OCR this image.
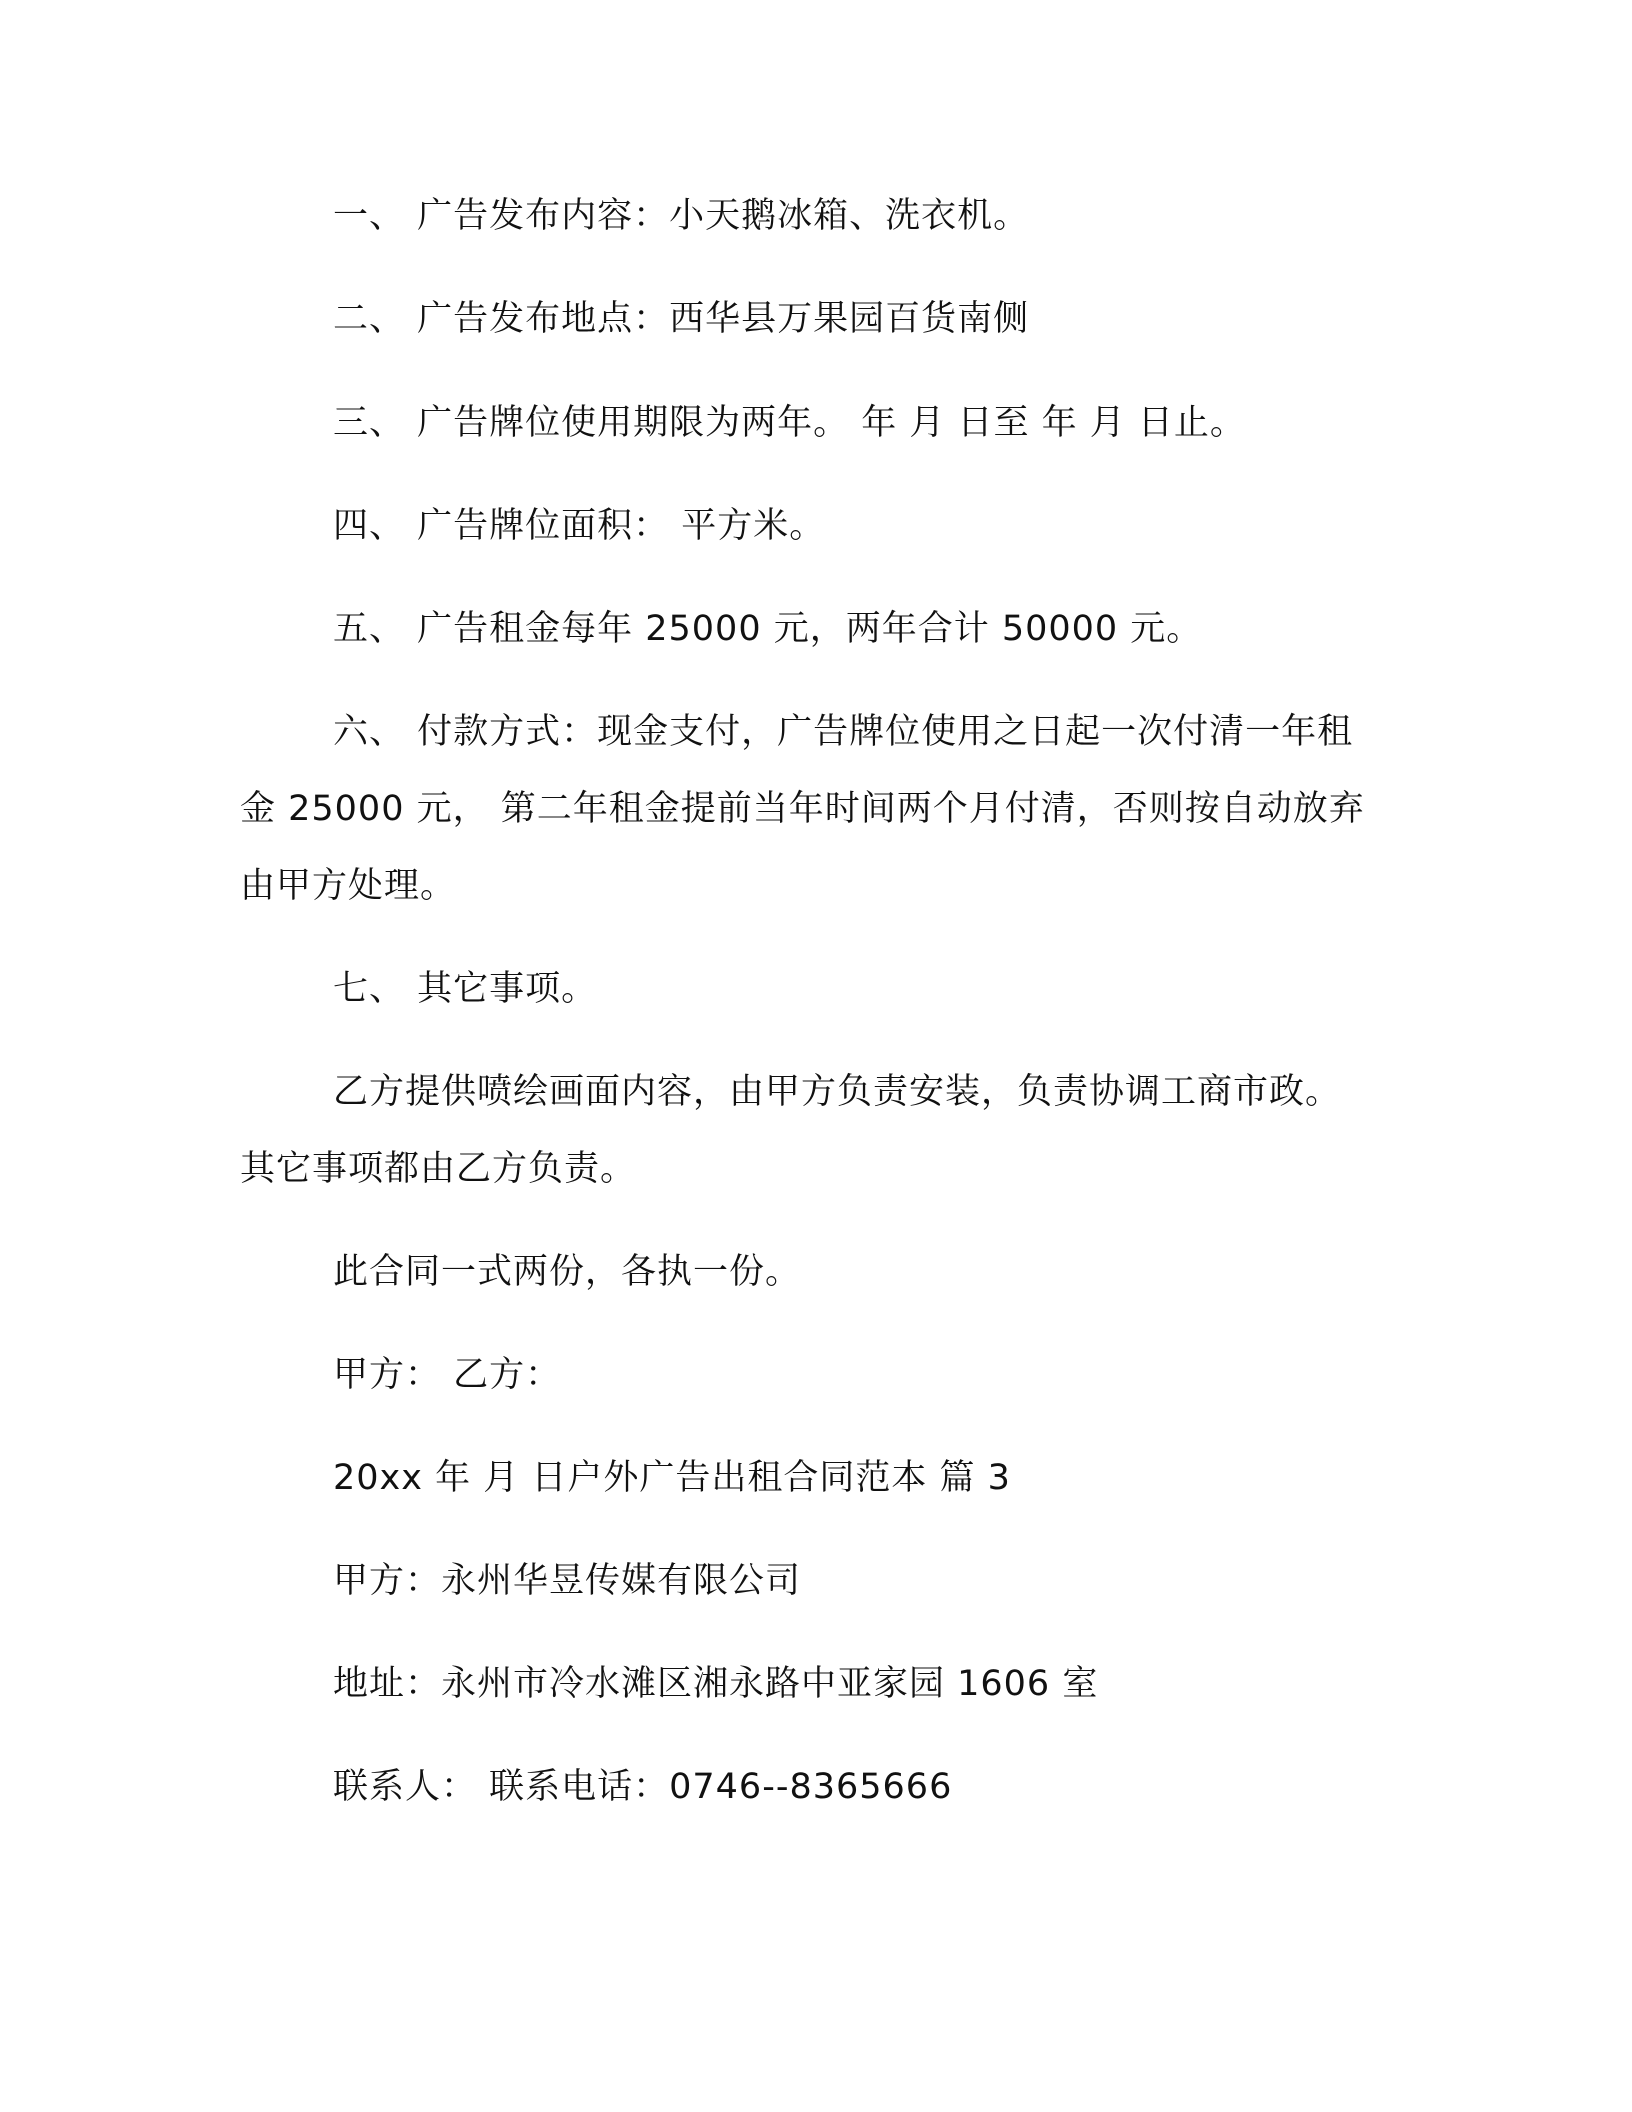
一、 广告发布内容：小天鹅冰箱、洗衣机。
二、 广告发布地点：西华县万果园百货南侧
三、 广告牌位使用期限为两年。 年 月 日至 年 月 日止。
四、 广告牌位面积： 平方米。
五、 广告租金每年 25000 元，两年合计 50000 元。
六、 付款方式：现金支付，广告牌位使用之日起一次付清一年租
金 25000 元， 第二年租金提前当年时间两个月付清，否则按自动放弃
由甲方处理。
七、 其它事项。
乙方提供喷绘画面内容，由甲方负责安装，负责协调工商市政。
其它事项都由乙方负责。
此合同一式两份，各执一份。
甲方： 乙方：
20xx 年 月 日户外广告出租合同范本 篇 3
甲方：永州华昱传媒有限公司
地址：永州市冷水滩区湘永路中亚家园 1606 室
联系人： 联系电话：0746--8365666
